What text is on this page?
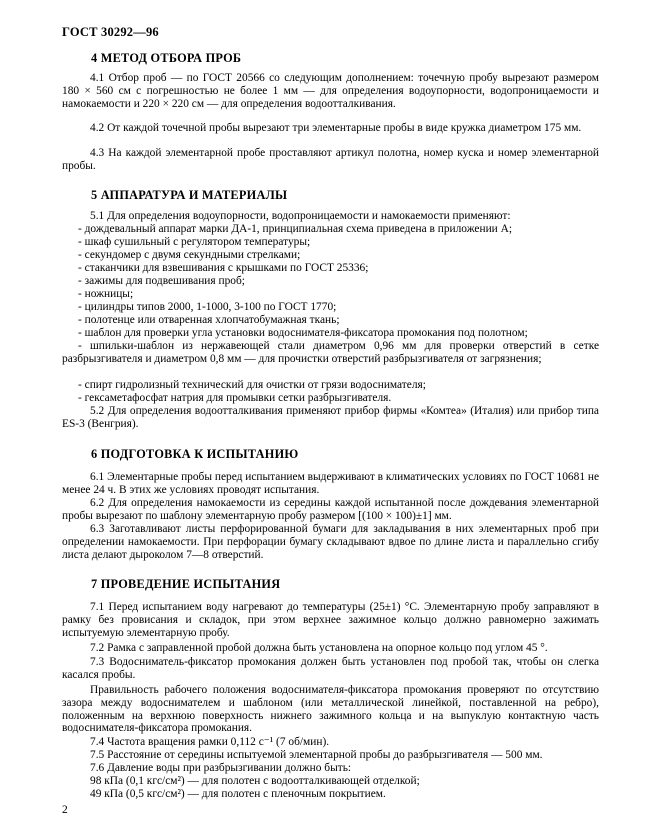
ГОСТ 30292—96
4 МЕТОД ОТБОРА ПРОБ
4.1 Отбор проб — по ГОСТ 20566 со следующим дополнением: точечную пробу вырезают размером 180 × 560 см с погрешностью не более 1 мм — для определения водоупорности, водопроницаемости и намокаемости и 220 × 220 см — для определения водоотталкивания.
4.2 От каждой точечной пробы вырезают три элементарные пробы в виде кружка диаметром 175 мм.
4.3 На каждой элементарной пробе проставляют артикул полотна, номер куска и номер элементарной пробы.
5 АППАРАТУРА И МАТЕРИАЛЫ
5.1 Для определения водоупорности, водопроницаемости и намокаемости применяют:
- дождевальный аппарат марки ДА-1, принципиальная схема приведена в приложении А;
- шкаф сушильный с регулятором температуры;
- секундомер с двумя секундными стрелками;
- стаканчики для взвешивания с крышками по ГОСТ 25336;
- зажимы для подвешивания проб;
- ножницы;
- цилиндры типов 2000, 1-1000, 3-100 по ГОСТ 1770;
- полотенце или отваренная хлопчатобумажная ткань;
- шаблон для проверки угла установки водоснимателя-фиксатора промокания под полотном;
- шпильки-шаблон из нержавеющей стали диаметром 0,96 мм для проверки отверстий в сетке разбрызгивателя и диаметром 0,8 мм — для прочистки отверстий разбрызгивателя от загрязнения;
- спирт гидролизный технический для очистки от грязи водоснимателя;
- гексаметафосфат натрия для промывки сетки разбрызгивателя.
5.2 Для определения водоотталкивания применяют прибор фирмы «Комтеа» (Италия) или прибор типа ES-3 (Венгрия).
6 ПОДГОТОВКА К ИСПЫТАНИЮ
6.1 Элементарные пробы перед испытанием выдерживают в климатических условиях по ГОСТ 10681 не менее 24 ч. В этих же условиях проводят испытания.
6.2 Для определения намокаемости из середины каждой испытанной после дождевания элементарной пробы вырезают по шаблону элементарную пробу размером [(100 × 100)±1] мм.
6.3 Заготавливают листы перфорированной бумаги для закладывания в них элементарных проб при определении намокаемости. При перфорации бумагу складывают вдвое по длине листа и параллельно сгибу листа делают дыроколом 7—8 отверстий.
7 ПРОВЕДЕНИЕ ИСПЫТАНИЯ
7.1 Перед испытанием воду нагревают до температуры (25±1) °С. Элементарную пробу заправляют в рамку без провисания и складок, при этом верхнее зажимное кольцо должно равномерно зажимать испытуемую элементарную пробу.
7.2 Рамка с заправленной пробой должна быть установлена на опорное кольцо под углом 45 °.
7.3 Водосниматель-фиксатор промокания должен быть установлен под пробой так, чтобы он слегка касался пробы.
Правильность рабочего положения водоснимателя-фиксатора промокания проверяют по отсутствию зазора между водоснимателем и шаблоном (или металлической линейкой, поставленной на ребро), положенным на верхнюю поверхность нижнего зажимного кольца и на выпуклую контактную часть водоснимателя-фиксатора промокания.
7.4 Частота вращения рамки 0,112 с⁻¹ (7 об/мин).
7.5 Расстояние от середины испытуемой элементарной пробы до разбрызгивателя — 500 мм.
7.6 Давление воды при разбрызгивании должно быть:
98 кПа (0,1 кгс/см²) — для полотен с водоотталкивающей отделкой;
49 кПа (0,5 кгс/см²) — для полотен с пленочным покрытием.
2
